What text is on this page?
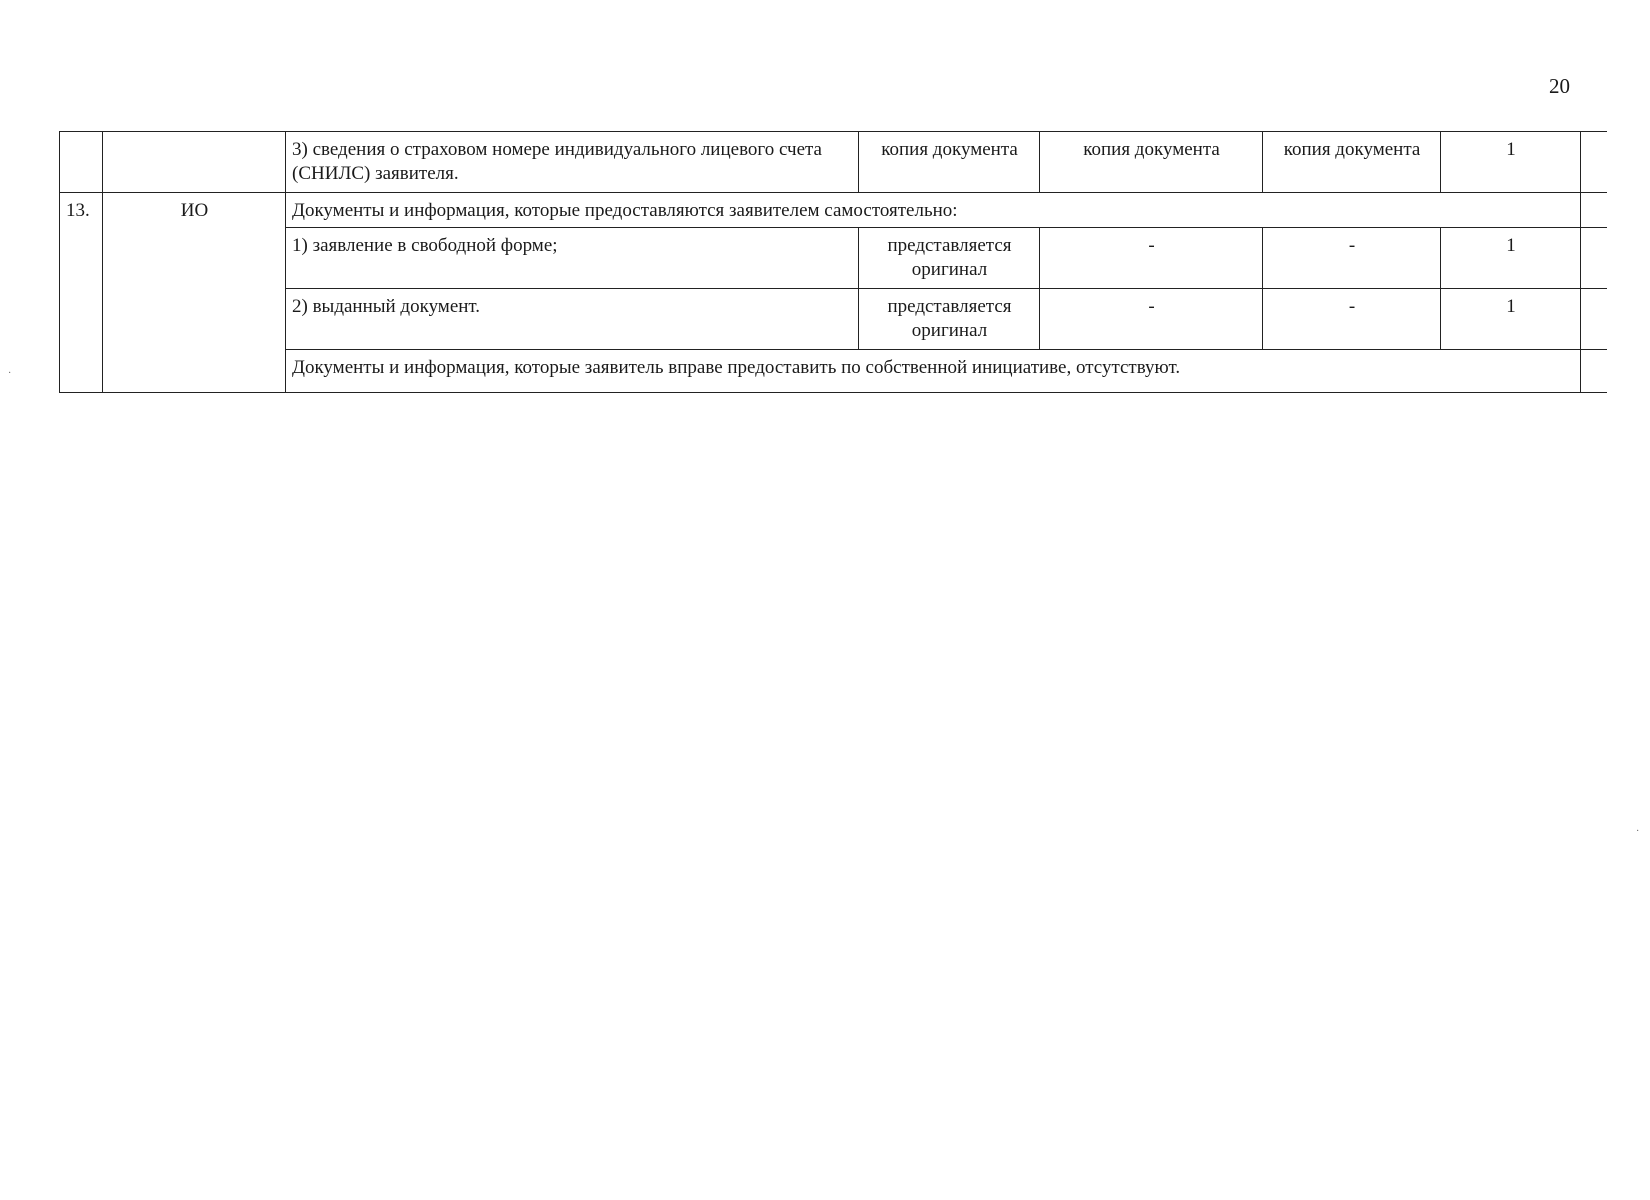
20
		3) сведения о страховом номере индивидуального лицевого счета (СНИЛС) заявителя.	копия документа	копия документа	копия документа	1	
13.	ИО	Документы и информация, которые предоставляются заявителем самостоятельно:					
		1) заявление в свободной форме;	представляется оригинал	-	-	1	
		2) выданный документ.	представляется оригинал	-	-	1	
		Документы и информация, которые заявитель вправе предоставить по собственной инициативе, отсутствуют.					
·
·
